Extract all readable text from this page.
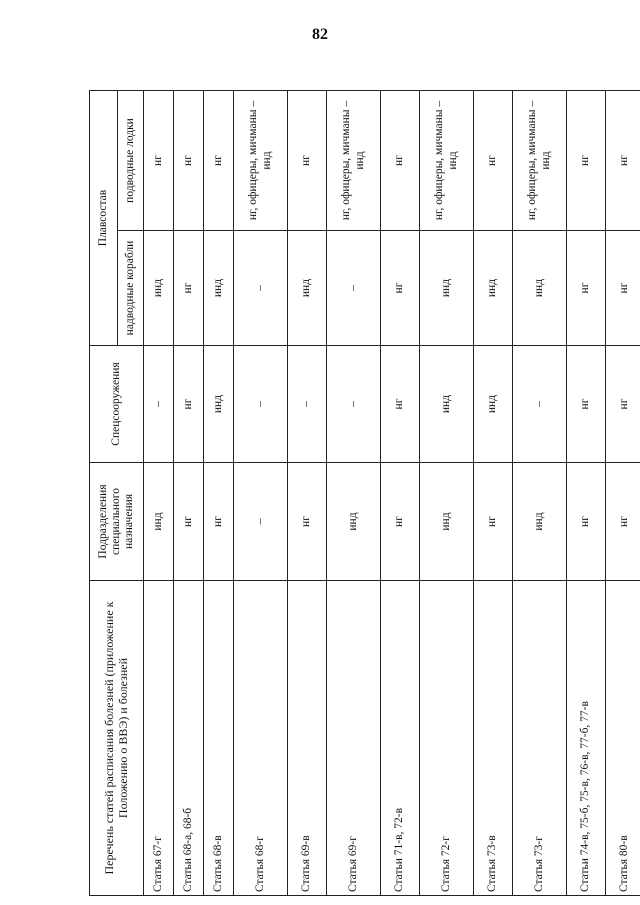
82
Перечень статей расписания болезней (приложение к Положению о ВВЭ) и болезней	Подразделения специального назначения	Спецсооружения	Плавсостав	
			надводные корабли	подводные лодки
Статья 67-г	инд	–	инд	нг
Статьи 68-а, 68-б	нг	нг	нг	нг
Статья 68-в	нг	инд	инд	нг
Статья 68-г	–	–	–	нг, офицеры, мичманы – инд
Статья 69-в	нг	–	инд	нг
Статья 69-г	инд	–	–	нг, офицеры, мичманы – инд
Статьи 71-в, 72-в	нг	нг	нг	нг
Статья 72-г	инд	инд	инд	нг, офицеры, мичманы – инд
Статья 73-в	нг	инд	инд	нг
Статья 73-г	инд	–	инд	нг, офицеры, мичманы – инд
Статьи 74-в, 75-б, 75-в, 76-в, 77-б, 77-в	нг	нг	нг	нг
Статья 80-в	нг	нг	нг	нг
